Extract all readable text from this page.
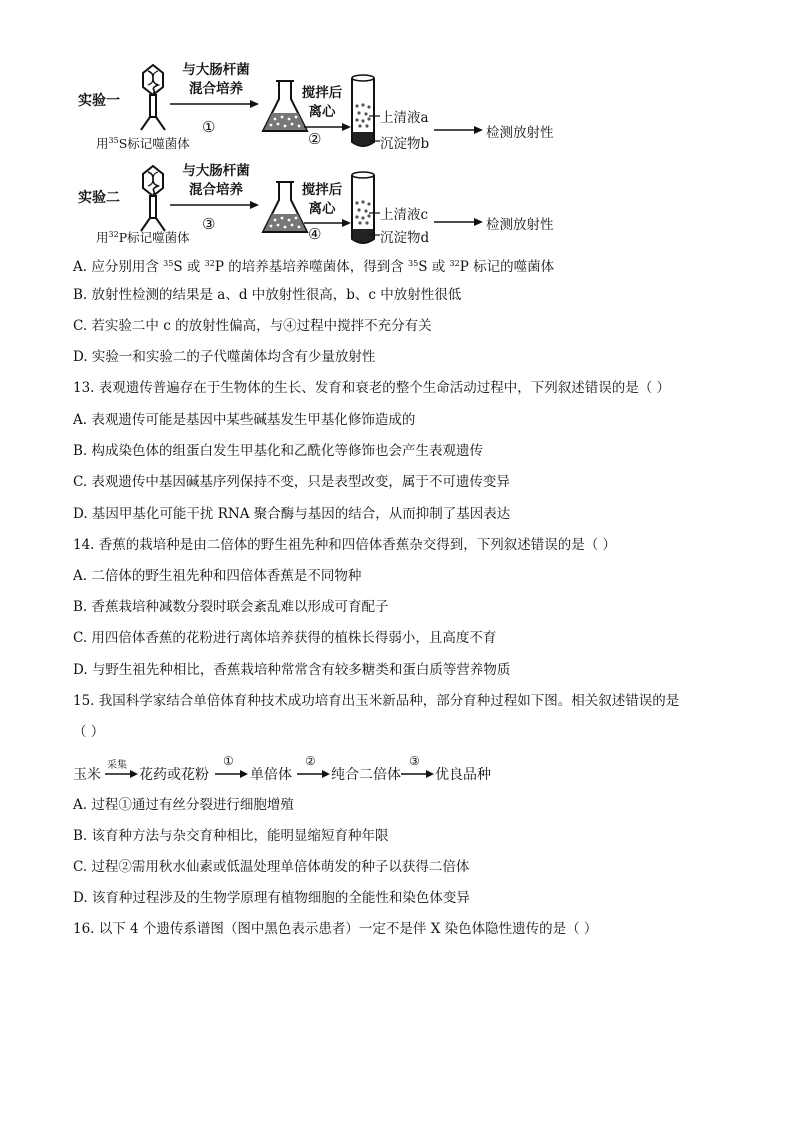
实验一
用$^{35}$S标记噬菌体
与大肠杆菌
混合培养
①
搅拌后
离心
②
上清液a
沉淀物b
检测放射性
实验二
用$^{32}$P标记噬菌体
与大肠杆菌
混合培养
③
搅拌后
离心
④
上清液c
沉淀物d
检测放射性
A. 应分别用含 $^{35}$S 或 $^{32}$P 的培养基培养噬菌体，得到含 $^{35}$S 或 $^{32}$P 标记的噬菌体
B. 放射性检测的结果是 a、d 中放射性很高，b、c 中放射性很低
C. 若实验二中 c 的放射性偏高，与④过程中搅拌不充分有关
D. 实验一和实验二的子代噬菌体均含有少量放射性
13. 表观遗传普遍存在于生物体的生长、发育和衰老的整个生命活动过程中，下列叙述错误的是（ ）
A. 表观遗传可能是基因中某些碱基发生甲基化修饰造成的
B. 构成染色体的组蛋白发生甲基化和乙酰化等修饰也会产生表观遗传
C. 表观遗传中基因碱基序列保持不变，只是表型改变，属于不可遗传变异
D. 基因甲基化可能干扰 RNA 聚合酶与基因的结合，从而抑制了基因表达
14. 香蕉的栽培种是由二倍体的野生祖先种和四倍体香蕉杂交得到，下列叙述错误的是（ ）
A. 二倍体的野生祖先种和四倍体香蕉是不同物种
B. 香蕉栽培种减数分裂时联会紊乱难以形成可育配子
C. 用四倍体香蕉的花粉进行离体培养获得的植株长得弱小，且高度不育
D. 与野生祖先种相比，香蕉栽培种常常含有较多糖类和蛋白质等营养物质
15. 我国科学家结合单倍体育种技术成功培育出玉米新品种，部分育种过程如下图。相关叙述错误的是
（ ）
玉米
采集
花药或花粉
①
单倍体
②
纯合二倍体
③
优良品种
A. 过程①通过有丝分裂进行细胞增殖
B. 该育种方法与杂交育种相比，能明显缩短育种年限
C. 过程②需用秋水仙素或低温处理单倍体萌发的种子以获得二倍体
D. 该育种过程涉及的生物学原理有植物细胞的全能性和染色体变异
16. 以下 4 个遗传系谱图（图中黑色表示患者）一定不是伴 X 染色体隐性遗传的是（ ）
